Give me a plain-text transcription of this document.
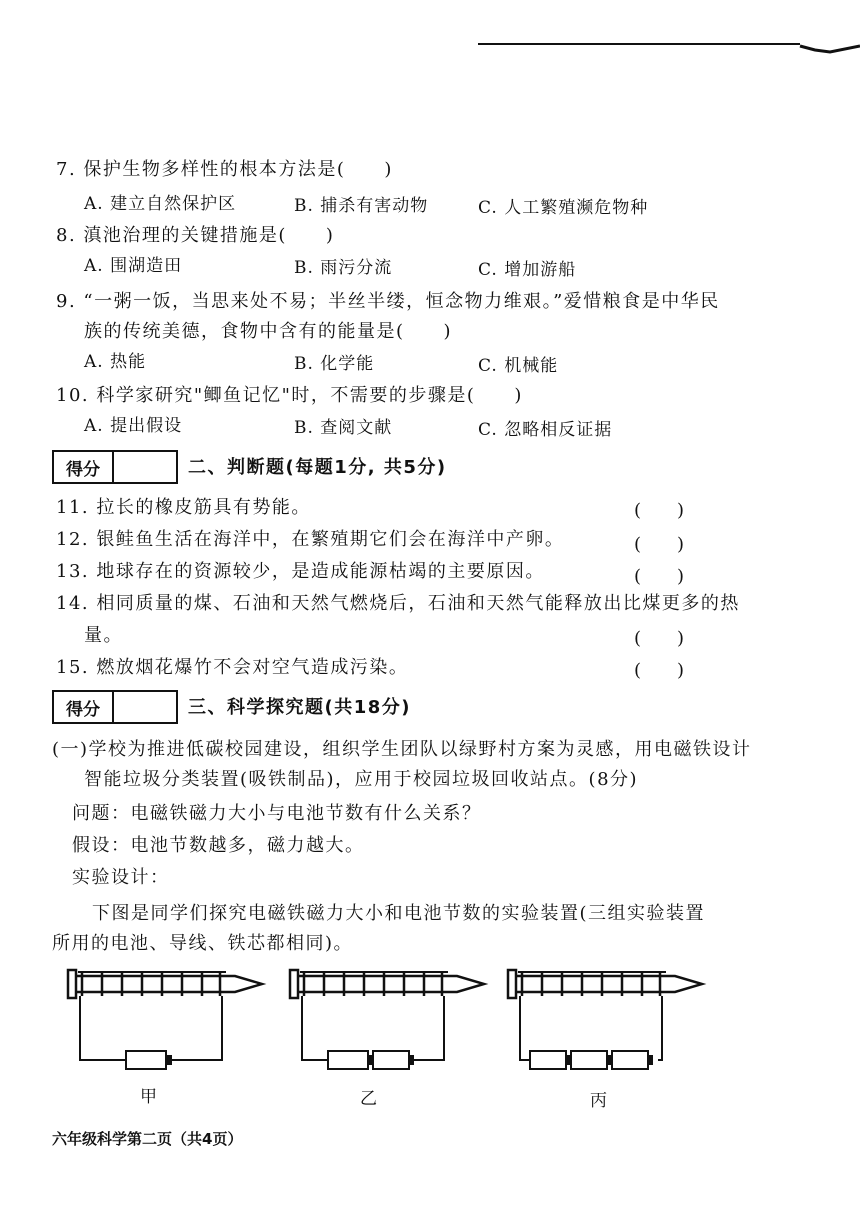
7. 保护生物多样性的根本方法是(　　)
A. 建立自然保护区	B. 捕杀有害动物	C. 人工繁殖濒危物种
8. 滇池治理的关键措施是(　　)
A. 围湖造田	B. 雨污分流	C. 增加游船
9. “一粥一饭，当思来处不易；半丝半缕，恒念物力维艰。”爱惜粮食是中华民
族的传统美德，食物中含有的能量是(　　)
A. 热能	B. 化学能	C. 机械能
10. 科学家研究"鲫鱼记忆"时，不需要的步骤是(　　)
A. 提出假设	B. 查阅文献	C. 忽略相反证据
得分	二、判断题(每题1分, 共5分)
11. 拉长的橡皮筋具有势能。	(　　)
12. 银鲑鱼生活在海洋中，在繁殖期它们会在海洋中产卵。	(　　)
13. 地球存在的资源较少，是造成能源枯竭的主要原因。	(　　)
14. 相同质量的煤、石油和天然气燃烧后，石油和天然气能释放出比煤更多的热
量。	(　　)
15. 燃放烟花爆竹不会对空气造成污染。	(　　)
得分	三、科学探究题(共18分)
(一)学校为推进低碳校园建设，组织学生团队以绿野村方案为灵感，用电磁铁设计
智能垃圾分类装置(吸铁制品)，应用于校园垃圾回收站点。(8分)
问题：电磁铁磁力大小与电池节数有什么关系？
假设：电池节数越多，磁力越大。
实验设计：
下图是同学们探究电磁铁磁力大小和电池节数的实验装置(三组实验装置
所用的电池、导线、铁芯都相同)。
甲	乙	丙
六年级科学第二页（共4页）
